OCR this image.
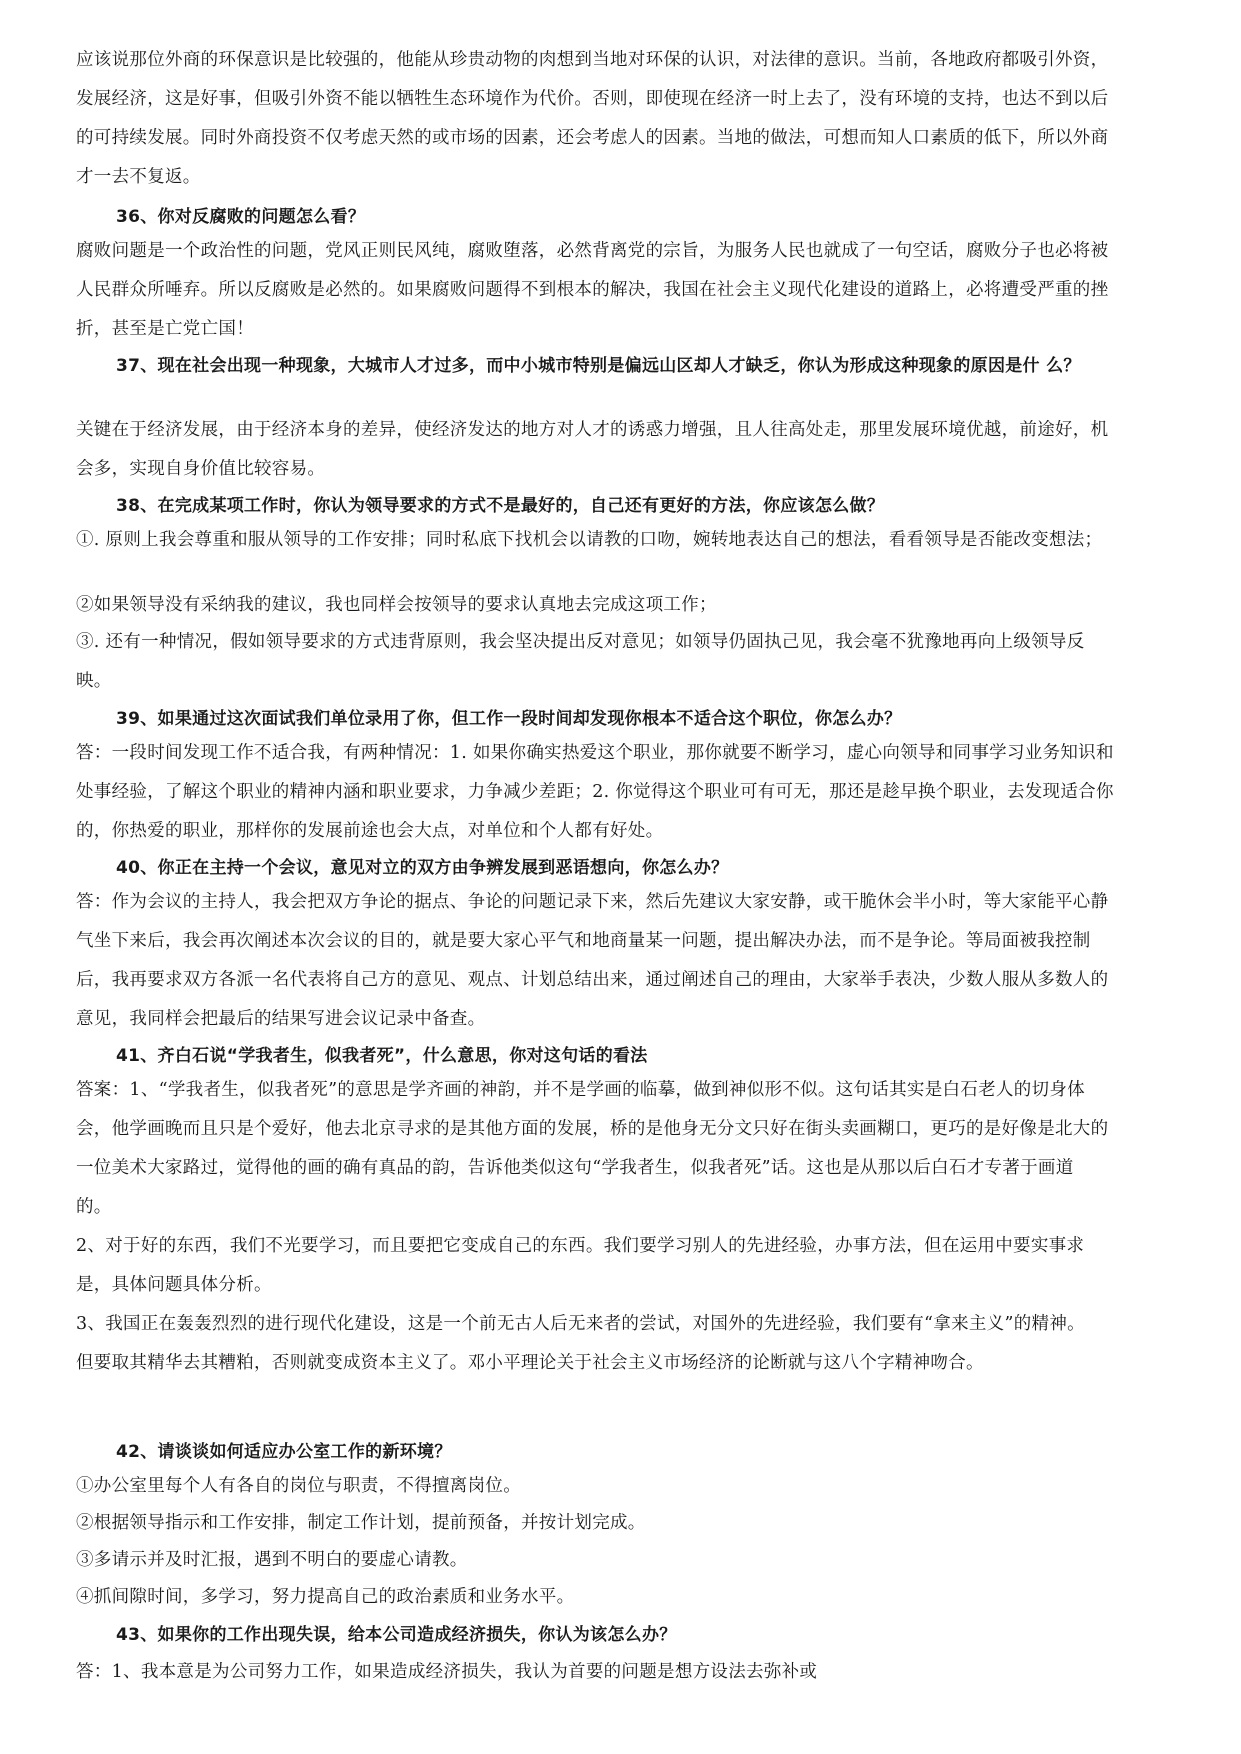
应该说那位外商的环保意识是比较强的，他能从珍贵动物的肉想到当地对环保的认识，对法律的意识。当前，各地政府都吸引外资，
发展经济，这是好事，但吸引外资不能以牺牲生态环境作为代价。否则，即使现在经济一时上去了，没有环境的支持，也达不到以后
的可持续发展。同时外商投资不仅考虑天然的或市场的因素，还会考虑人的因素。当地的做法，可想而知人口素质的低下，所以外商
才一去不复返。
36、你对反腐败的问题怎么看？
腐败问题是一个政治性的问题，党风正则民风纯，腐败堕落，必然背离党的宗旨，为服务人民也就成了一句空话，腐败分子也必将被
人民群众所唾弃。所以反腐败是必然的。如果腐败问题得不到根本的解决，我国在社会主义现代化建设的道路上，必将遭受严重的挫
折，甚至是亡党亡国！
37、现在社会出现一种现象，大城市人才过多，而中小城市特别是偏远山区却人才缺乏，你认为形成这种现象的原因是什 么？
关键在于经济发展，由于经济本身的差异，使经济发达的地方对人才的诱惑力增强，且人往高处走，那里发展环境优越，前途好，机
会多，实现自身价值比较容易。
38、在完成某项工作时，你认为领导要求的方式不是最好的，自己还有更好的方法，你应该怎么做？
①. 原则上我会尊重和服从领导的工作安排；同时私底下找机会以请教的口吻，婉转地表达自己的想法，看看领导是否能改变想法；
②如果领导没有采纳我的建议，我也同样会按领导的要求认真地去完成这项工作；
③. 还有一种情况，假如领导要求的方式违背原则，我会坚决提出反对意见；如领导仍固执己见，我会毫不犹豫地再向上级领导反
映。
39、如果通过这次面试我们单位录用了你，但工作一段时间却发现你根本不适合这个职位，你怎么办？
答：一段时间发现工作不适合我，有两种情况：1. 如果你确实热爱这个职业，那你就要不断学习，虚心向领导和同事学习业务知识和
处事经验，了解这个职业的精神内涵和职业要求，力争减少差距；2. 你觉得这个职业可有可无，那还是趁早换个职业，去发现适合你
的，你热爱的职业，那样你的发展前途也会大点，对单位和个人都有好处。
40、你正在主持一个会议，意见对立的双方由争辨发展到恶语想向，你怎么办？
答：作为会议的主持人，我会把双方争论的据点、争论的问题记录下来，然后先建议大家安静，或干脆休会半小时，等大家能平心静
气坐下来后，我会再次阐述本次会议的目的，就是要大家心平气和地商量某一问题，提出解决办法，而不是争论。等局面被我控制
后，我再要求双方各派一名代表将自己方的意见、观点、计划总结出来，通过阐述自己的理由，大家举手表决，少数人服从多数人的
意见，我同样会把最后的结果写进会议记录中备查。
41、齐白石说“学我者生，似我者死”，什么意思，你对这句话的看法
答案：1、“学我者生，似我者死”的意思是学齐画的神韵，并不是学画的临摹，做到神似形不似。这句话其实是白石老人的切身体
会，他学画晚而且只是个爱好，他去北京寻求的是其他方面的发展，桥的是他身无分文只好在街头卖画糊口，更巧的是好像是北大的
一位美术大家路过，觉得他的画的确有真品的韵，告诉他类似这句“学我者生，似我者死”话。这也是从那以后白石才专著于画道
的。
2、对于好的东西，我们不光要学习，而且要把它变成自己的东西。我们要学习别人的先进经验，办事方法，但在运用中要实事求
是，具体问题具体分析。
3、我国正在轰轰烈烈的进行现代化建设，这是一个前无古人后无来者的尝试，对国外的先进经验，我们要有“拿来主义”的精神。
但要取其精华去其糟粕，否则就变成资本主义了。邓小平理论关于社会主义市场经济的论断就与这八个字精神吻合。
42、请谈谈如何适应办公室工作的新环境？
①办公室里每个人有各自的岗位与职责，不得擅离岗位。
②根据领导指示和工作安排，制定工作计划，提前预备，并按计划完成。
③多请示并及时汇报，遇到不明白的要虚心请教。
④抓间隙时间，多学习，努力提高自己的政治素质和业务水平。
43、如果你的工作出现失误，给本公司造成经济损失，你认为该怎么办？
答：1、我本意是为公司努力工作，如果造成经济损失，我认为首要的问题是想方设法去弥补或
